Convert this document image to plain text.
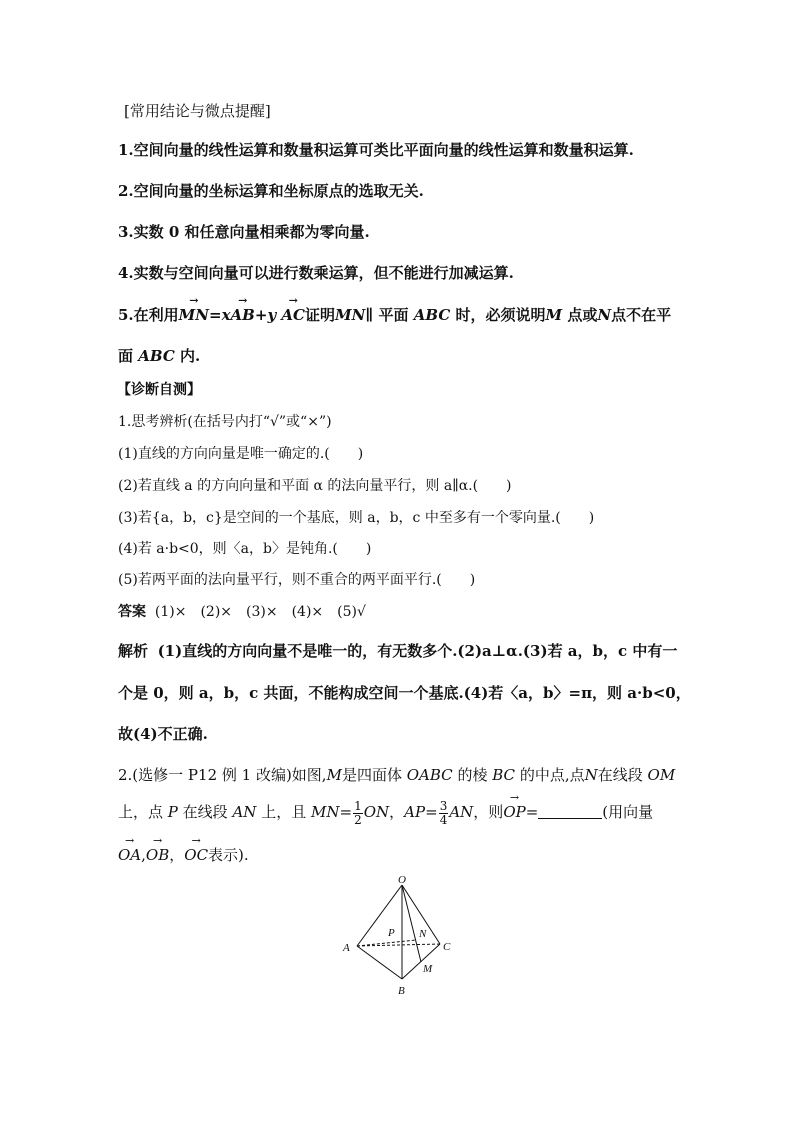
[常用结论与微点提醒]
1.空间向量的线性运算和数量积运算可类比平面向量的线性运算和数量积运算.
2.空间向量的坐标运算和坐标原点的选取无关.
3.实数 0 和任意向量相乘都为零向量.
4.实数与空间向量可以进行数乘运算，但不能进行加减运算.
5.在利用→ MN=x→ AB+y → AC证明MN∥ 平面 ABC 时，必须说明M 点或N点不在平
面 ABC 内.
【诊断自测】
1.思考辨析(在括号内打“√”或“×”)
(1)直线的方向向量是唯一确定的.(　　)
(2)若直线 a 的方向向量和平面 α 的法向量平行，则 a∥α.(　　)
(3)若{a，b，c}是空间的一个基底，则 a，b，c 中至多有一个零向量.(　　)
(4)若 a·b<0，则〈a，b〉是钝角.(　　)
(5)若两平面的法向量平行，则不重合的两平面平行.(　　)
答案 (1)×　(2)×　(3)×　(4)×　(5)√
解析 (1)直线的方向向量不是唯一的，有无数多个.(2)a⊥α.(3)若 a，b，c 中有一
个是 0，则 a，b，c 共面，不能构成空间一个基底.(4)若〈a，b〉=π，则 a·b<0，
故(4)不正确.
2.(选修一 P12 例 1 改编)如图,M是四面体 OABC 的棱 BC 的中点,点N在线段 OM
上，点 P 在线段 AN 上，且 $MN= \frac{1}{2}$ ON，$AP= \frac{3}{4}$ AN，则→ OP=	(用向量
→ OA,→ OB，→ OC表示).
O
A
B
C
P N
M
